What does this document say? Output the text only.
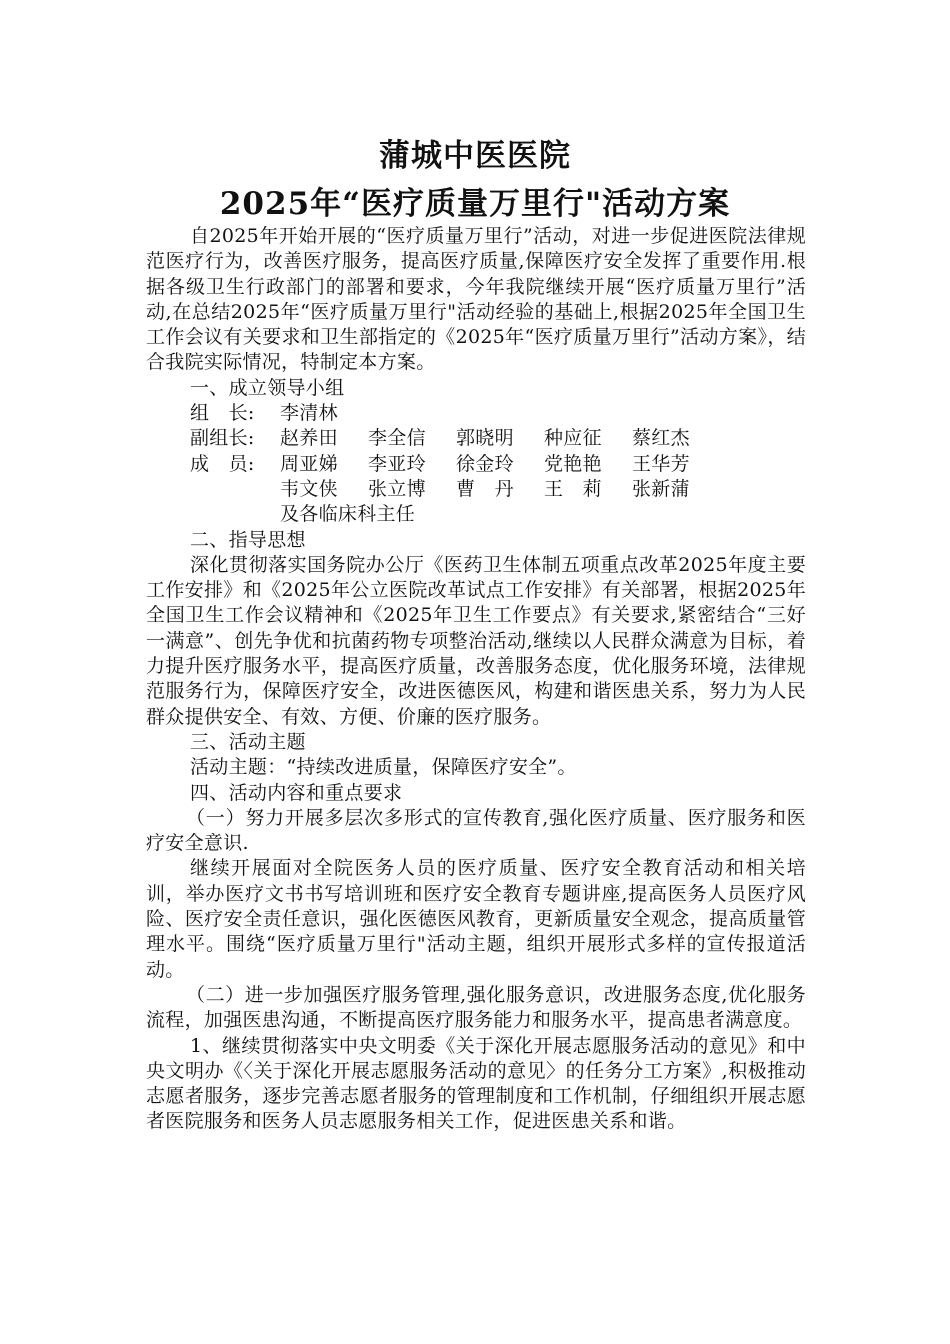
蒲城中医医院
2025年“医疗质量万里行"活动方案

自2025年开始开展的“医疗质量万里行”活动，对进一步促进医院法律规范医疗行为，改善医疗服务，提高医疗质量,保障医疗安全发挥了重要作用.根据各级卫生行政部门的部署和要求，今年我院继续开展“医疗质量万里行”活动,在总结2025年“医疗质量万里行"活动经验的基础上,根据2025年全国卫生工作会议有关要求和卫生部指定的《2025年“医疗质量万里行”活动方案》，结合我院实际情况，特制定本方案。

一、成立领导小组

组　长:	李清林
副组长:	赵养田	李全信	郭晓明	种应征	蔡红杰
成　员:	周亚娣	李亚玲	徐金玲	党艳艳	王华芳
韦文侠	张立博	曹　丹	王　莉	张新蒲
及各临床科主任

二、指导思想

深化贯彻落实国务院办公厅《医药卫生体制五项重点改革2025年度主要工作安排》和《2025年公立医院改革试点工作安排》有关部署，根据2025年全国卫生工作会议精神和《2025年卫生工作要点》有关要求,紧密结合“三好一满意”、创先争优和抗菌药物专项整治活动,继续以人民群众满意为目标，着力提升医疗服务水平，提高医疗质量，改善服务态度，优化服务环境，法律规范服务行为，保障医疗安全，改进医德医风，构建和谐医患关系，努力为人民群众提供安全、有效、方便、价廉的医疗服务。

三、活动主题

活动主题：“持续改进质量，保障医疗安全”。

四、活动内容和重点要求

（一）努力开展多层次多形式的宣传教育,强化医疗质量、医疗服务和医疗安全意识.

继续开展面对全院医务人员的医疗质量、医疗安全教育活动和相关培训，举办医疗文书书写培训班和医疗安全教育专题讲座,提高医务人员医疗风险、医疗安全责任意识，强化医德医风教育，更新质量安全观念，提高质量管理水平。围绕“医疗质量万里行"活动主题，组织开展形式多样的宣传报道活动。

（二）进一步加强医疗服务管理,强化服务意识，改进服务态度,优化服务流程，加强医患沟通，不断提高医疗服务能力和服务水平，提高患者满意度。

1、继续贯彻落实中央文明委《关于深化开展志愿服务活动的意见》和中央文明办《〈关于深化开展志愿服务活动的意见〉的任务分工方案》,积极推动志愿者服务，逐步完善志愿者服务的管理制度和工作机制，仔细组织开展志愿者医院服务和医务人员志愿服务相关工作，促进医患关系和谐。
